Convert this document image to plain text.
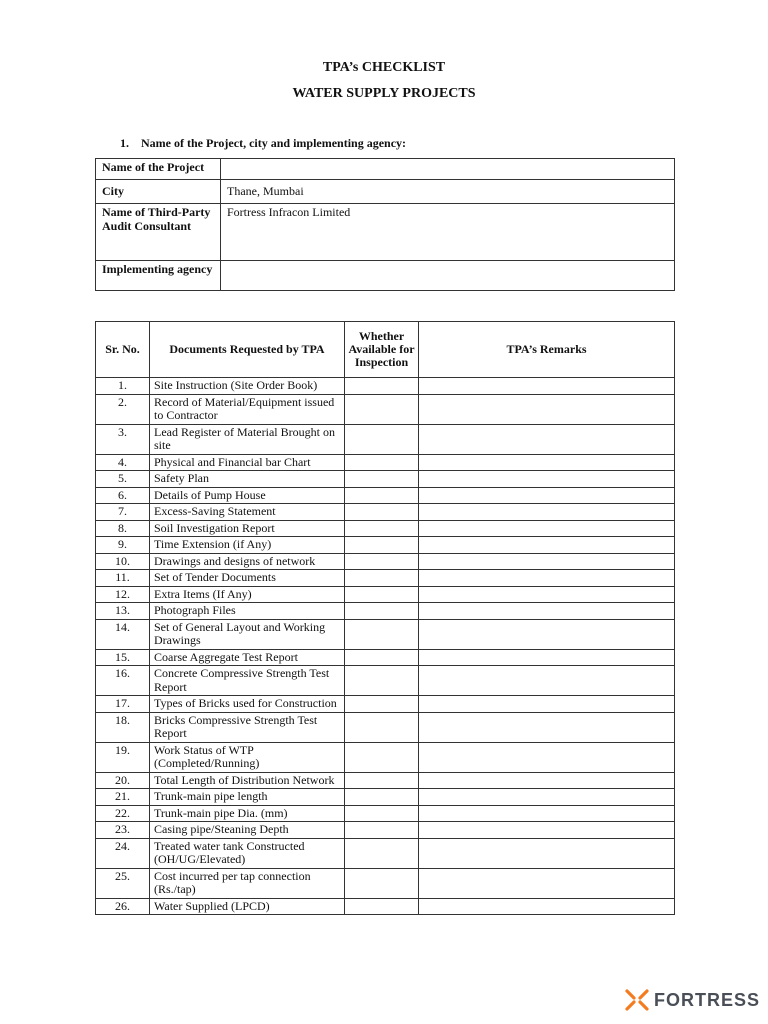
TPA’s CHECKLIST
WATER SUPPLY PROJECTS
1. Name of the Project, city and implementing agency:
Name of the Project	
City	Thane, Mumbai
Name of Third-Party Audit Consultant	Fortress Infracon Limited
Implementing agency	
Sr. No.	Documents Requested by TPA	Whether Available for Inspection	TPA’s Remarks
1.	Site Instruction (Site Order Book)		
2.	Record of Material/Equipment issued to Contractor		
3.	Lead Register of Material Brought on site		
4.	Physical and Financial bar Chart		
5.	Safety Plan		
6.	Details of Pump House		
7.	Excess-Saving Statement		
8.	Soil Investigation Report		
9.	Time Extension (if Any)		
10.	Drawings and designs of network		
11.	Set of Tender Documents		
12.	Extra Items (If Any)		
13.	Photograph Files		
14.	Set of General Layout and Working Drawings		
15.	Coarse Aggregate Test Report		
16.	Concrete Compressive Strength Test Report		
17.	Types of Bricks used for Construction		
18.	Bricks Compressive Strength Test Report		
19.	Work Status of WTP (Completed/Running)		
20.	Total Length of Distribution Network		
21.	Trunk-main pipe length		
22.	Trunk-main pipe Dia. (mm)		
23.	Casing pipe/Steaning Depth		
24.	Treated water tank Constructed (OH/UG/Elevated)		
25.	Cost incurred per tap connection (Rs./tap)		
26.	Water Supplied (LPCD)		
FORTRESS
